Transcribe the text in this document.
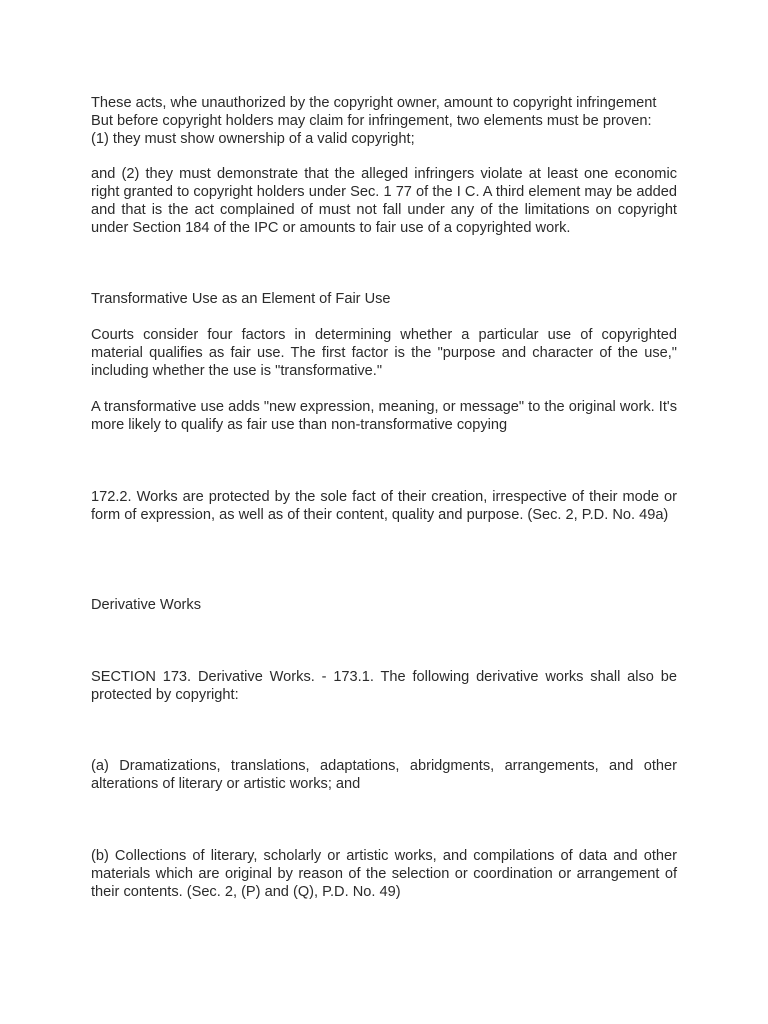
These acts, whe unauthorized by the copyright owner, amount to copyright infringement
But before copyright holders may claim for infringement, two elements must be proven:
(1) they must show ownership of a valid copyright;

and (2) they must demonstrate that the alleged infringers violate at least one economic right granted to copyright holders under Sec. 1 77 of the I C. A third element may be added and that is the act complained of must not fall under any of the limitations on copyright under Section 184 of the IPC or amounts to fair use of a copyrighted work.

Transformative Use as an Element of Fair Use

Courts consider four factors in determining whether a particular use of copyrighted material qualifies as fair use. The first factor is the "purpose and character of the use," including whether the use is "transformative."

A transformative use adds "new expression, meaning, or message" to the original work. It's more likely to qualify as fair use than non-transformative copying

172.2. Works are protected by the sole fact of their creation, irrespective of their mode or form of expression, as well as of their content, quality and purpose. (Sec. 2, P.D. No. 49a)

Derivative Works

SECTION 173. Derivative Works. - 173.1. The following derivative works shall also be protected by copyright:

(a) Dramatizations, translations, adaptations, abridgments, arrangements, and other alterations of literary or artistic works; and

(b) Collections of literary, scholarly or artistic works, and compilations of data and other materials which are original by reason of the selection or coordination or arrangement of their contents. (Sec. 2, (P) and (Q), P.D. No. 49)
